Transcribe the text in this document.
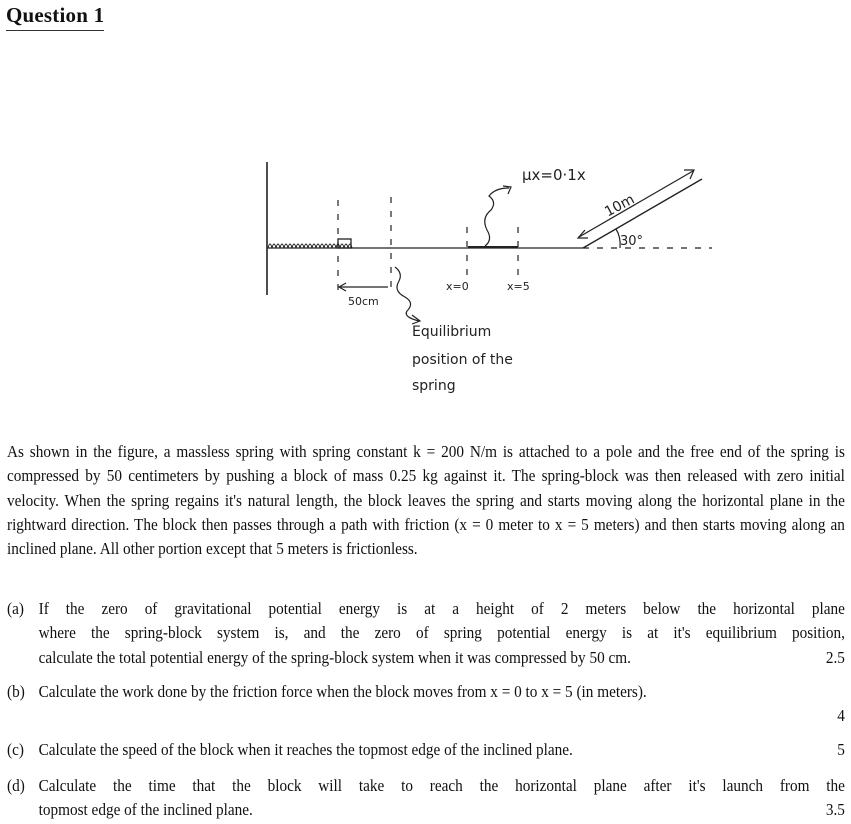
Question 1
μx=0·1x
10m
30°
x=0	x=5
50cm
Equilibrium
position of the
spring
As shown in the figure, a massless spring with spring constant k = 200 N/m is attached to a pole and the free end of the spring is compressed by 50 centimeters by pushing a block of mass 0.25 kg against it. The spring-block was then released with zero initial velocity. When the spring regains it's natural length, the block leaves the spring and starts moving along the horizontal plane in the rightward direction. The block then passes through a path with friction (x = 0 meter to x = 5 meters) and then starts moving along an inclined plane. All other portion except that 5 meters is frictionless.
(a) If the zero of gravitational potential energy is at a height of 2 meters below the horizontal plane
where the spring-block system is, and the zero of spring potential energy is at it's equilibrium position,
calculate the total potential energy of the spring-block system when it was compressed by 50 cm.	2.5
(b) Calculate the work done by the friction force when the block moves from x = 0 to x = 5 (in meters).
4
(c) Calculate the speed of the block when it reaches the topmost edge of the inclined plane.	5
(d) Calculate the time that the block will take to reach the horizontal plane after it's launch from the
topmost edge of the inclined plane.	3.5
